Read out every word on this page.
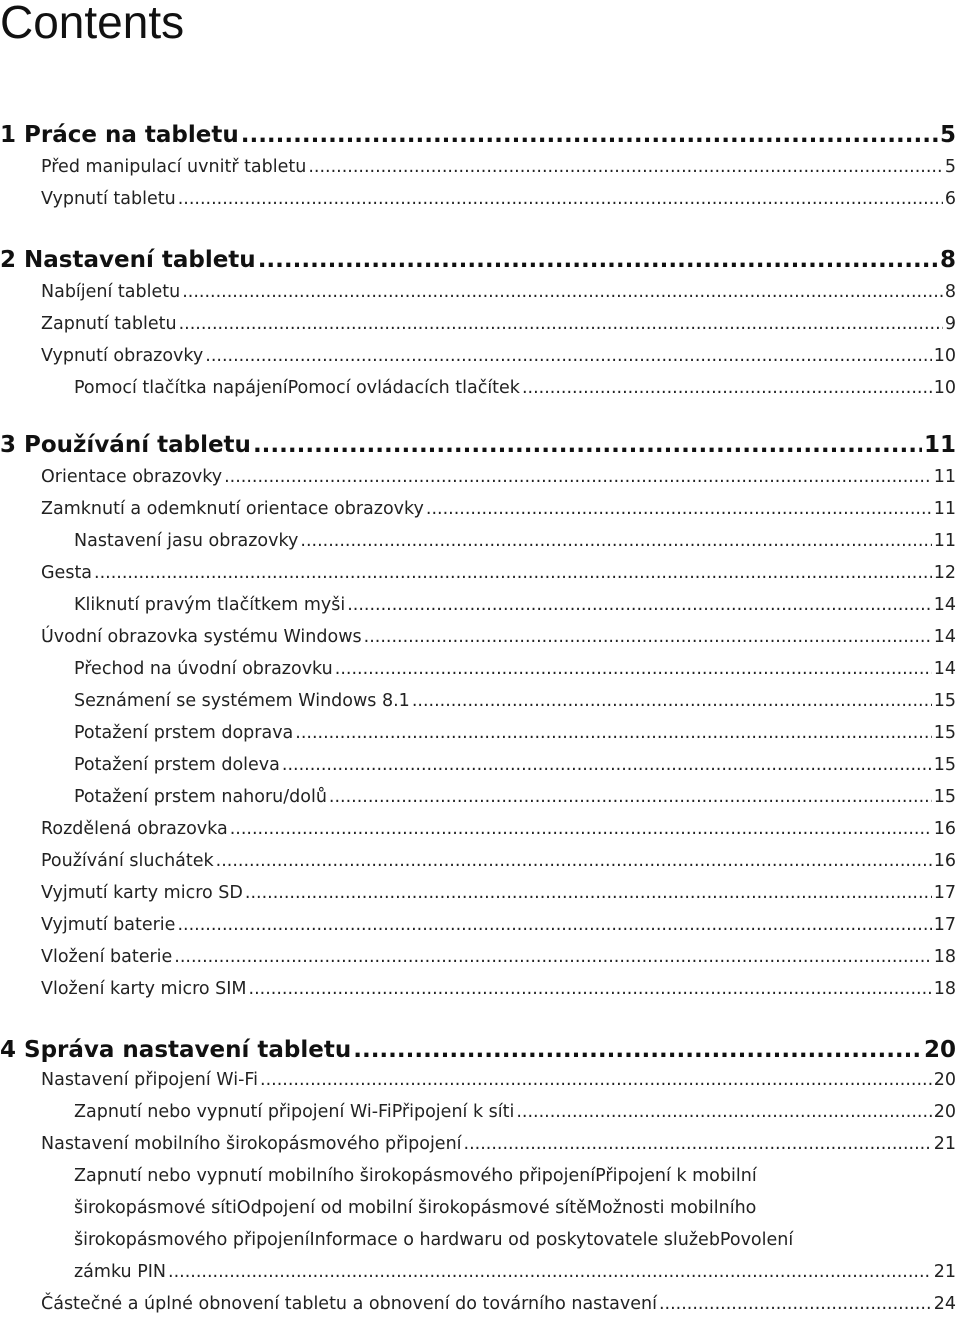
Contents
1 Práce na tabletu .....	5
Před manipulací uvnitř tabletu .....	5
Vypnutí tabletu .....	6
2 Nastavení tabletu .....	8
Nabíjení tabletu .....	8
Zapnutí tabletu .....	9
Vypnutí obrazovky .....	10
Pomocí tlačítka napájeníPomocí ovládacích tlačítek .....	10
3 Používání tabletu .....	11
Orientace obrazovky .....	11
Zamknutí a odemknutí orientace obrazovky .....	11
Nastavení jasu obrazovky .....	11
Gesta .....	12
Kliknutí pravým tlačítkem myši .....	14
Úvodní obrazovka systému Windows .....	14
Přechod na úvodní obrazovku .....	14
Seznámení se systémem Windows 8.1 .....	15
Potažení prstem doprava .....	15
Potažení prstem doleva .....	15
Potažení prstem nahoru/dolů .....	15
Rozdělená obrazovka .....	16
Používání sluchátek .....	16
Vyjmutí karty micro SD .....	17
Vyjmutí baterie .....	17
Vložení baterie .....	18
Vložení karty micro SIM .....	18
4 Správa nastavení tabletu .....	20
Nastavení připojení Wi-Fi .....	20
Zapnutí nebo vypnutí připojení Wi-FiPřipojení k síti .....	20
Nastavení mobilního širokopásmového připojení .....	21
Zapnutí nebo vypnutí mobilního širokopásmového připojeníPřipojení k mobilní
širokopásmové sítiOdpojení od mobilní širokopásmové sítěMožnosti mobilního
širokopásmového připojeníInformace o hardwaru od poskytovatele služebPovolení
zámku PIN .....	21
Částečné a úplné obnovení tabletu a obnovení do továrního nastavení .....	24
